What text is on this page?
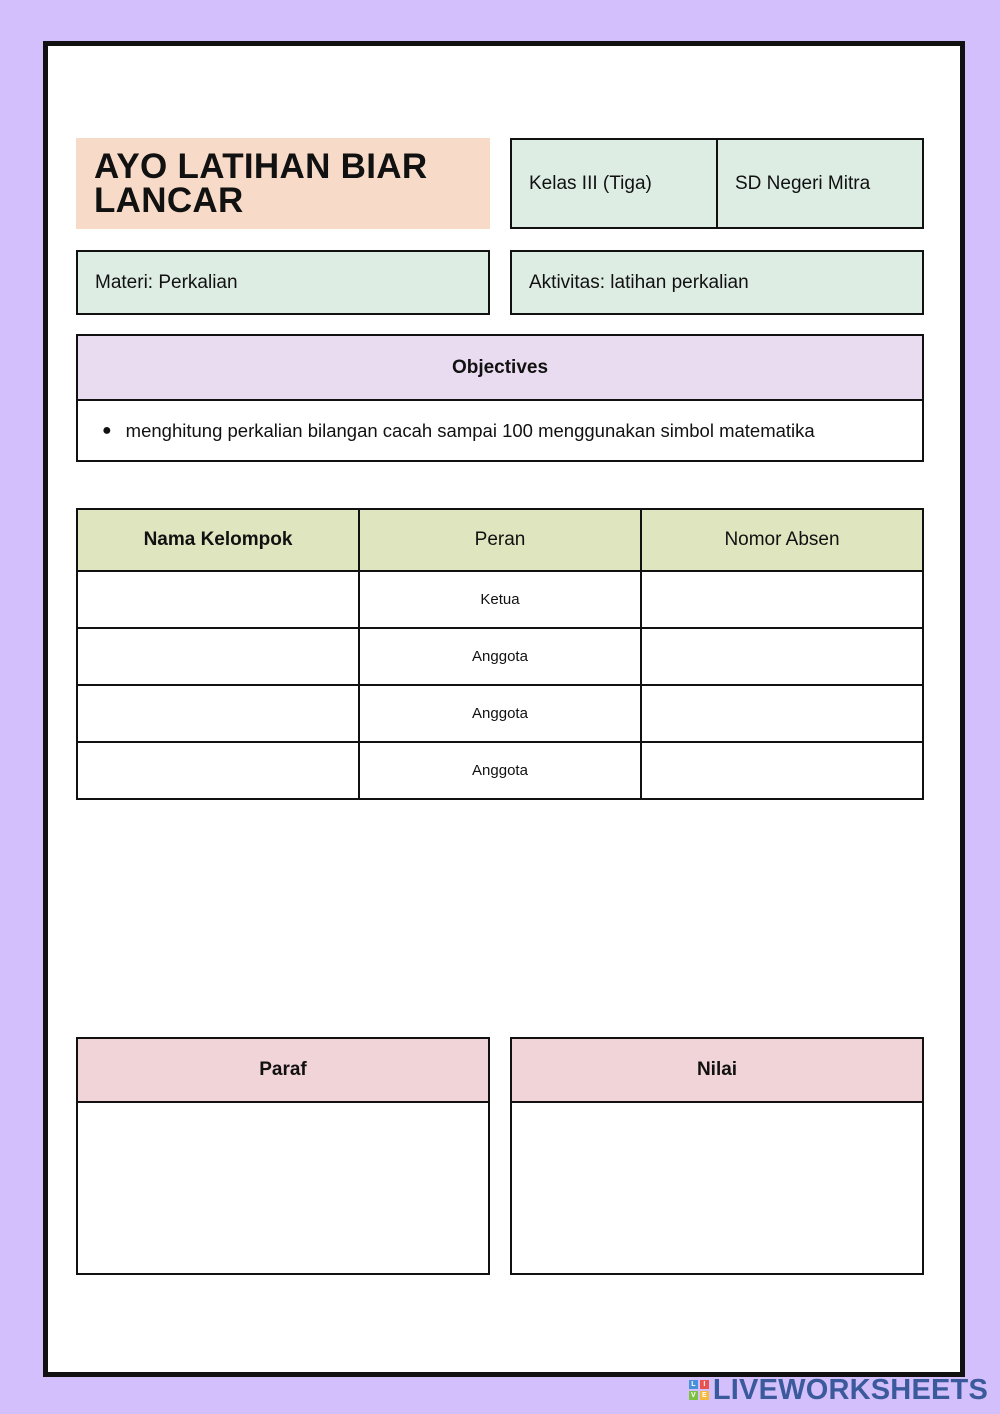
AYO LATIHAN BIAR LANCAR	Kelas III (Tiga)	SD Negeri Mitra
Materi: Perkalian	Aktivitas: latihan perkalian
Objectives
● menghitung perkalian bilangan cacah sampai 100 menggunakan simbol matematika
Nama Kelompok	Peran	Nomor Absen
	Ketua	
	Anggota	
	Anggota	
	Anggota	
Paraf	Nilai
L	I
V E LIVEWORKSHEETS
